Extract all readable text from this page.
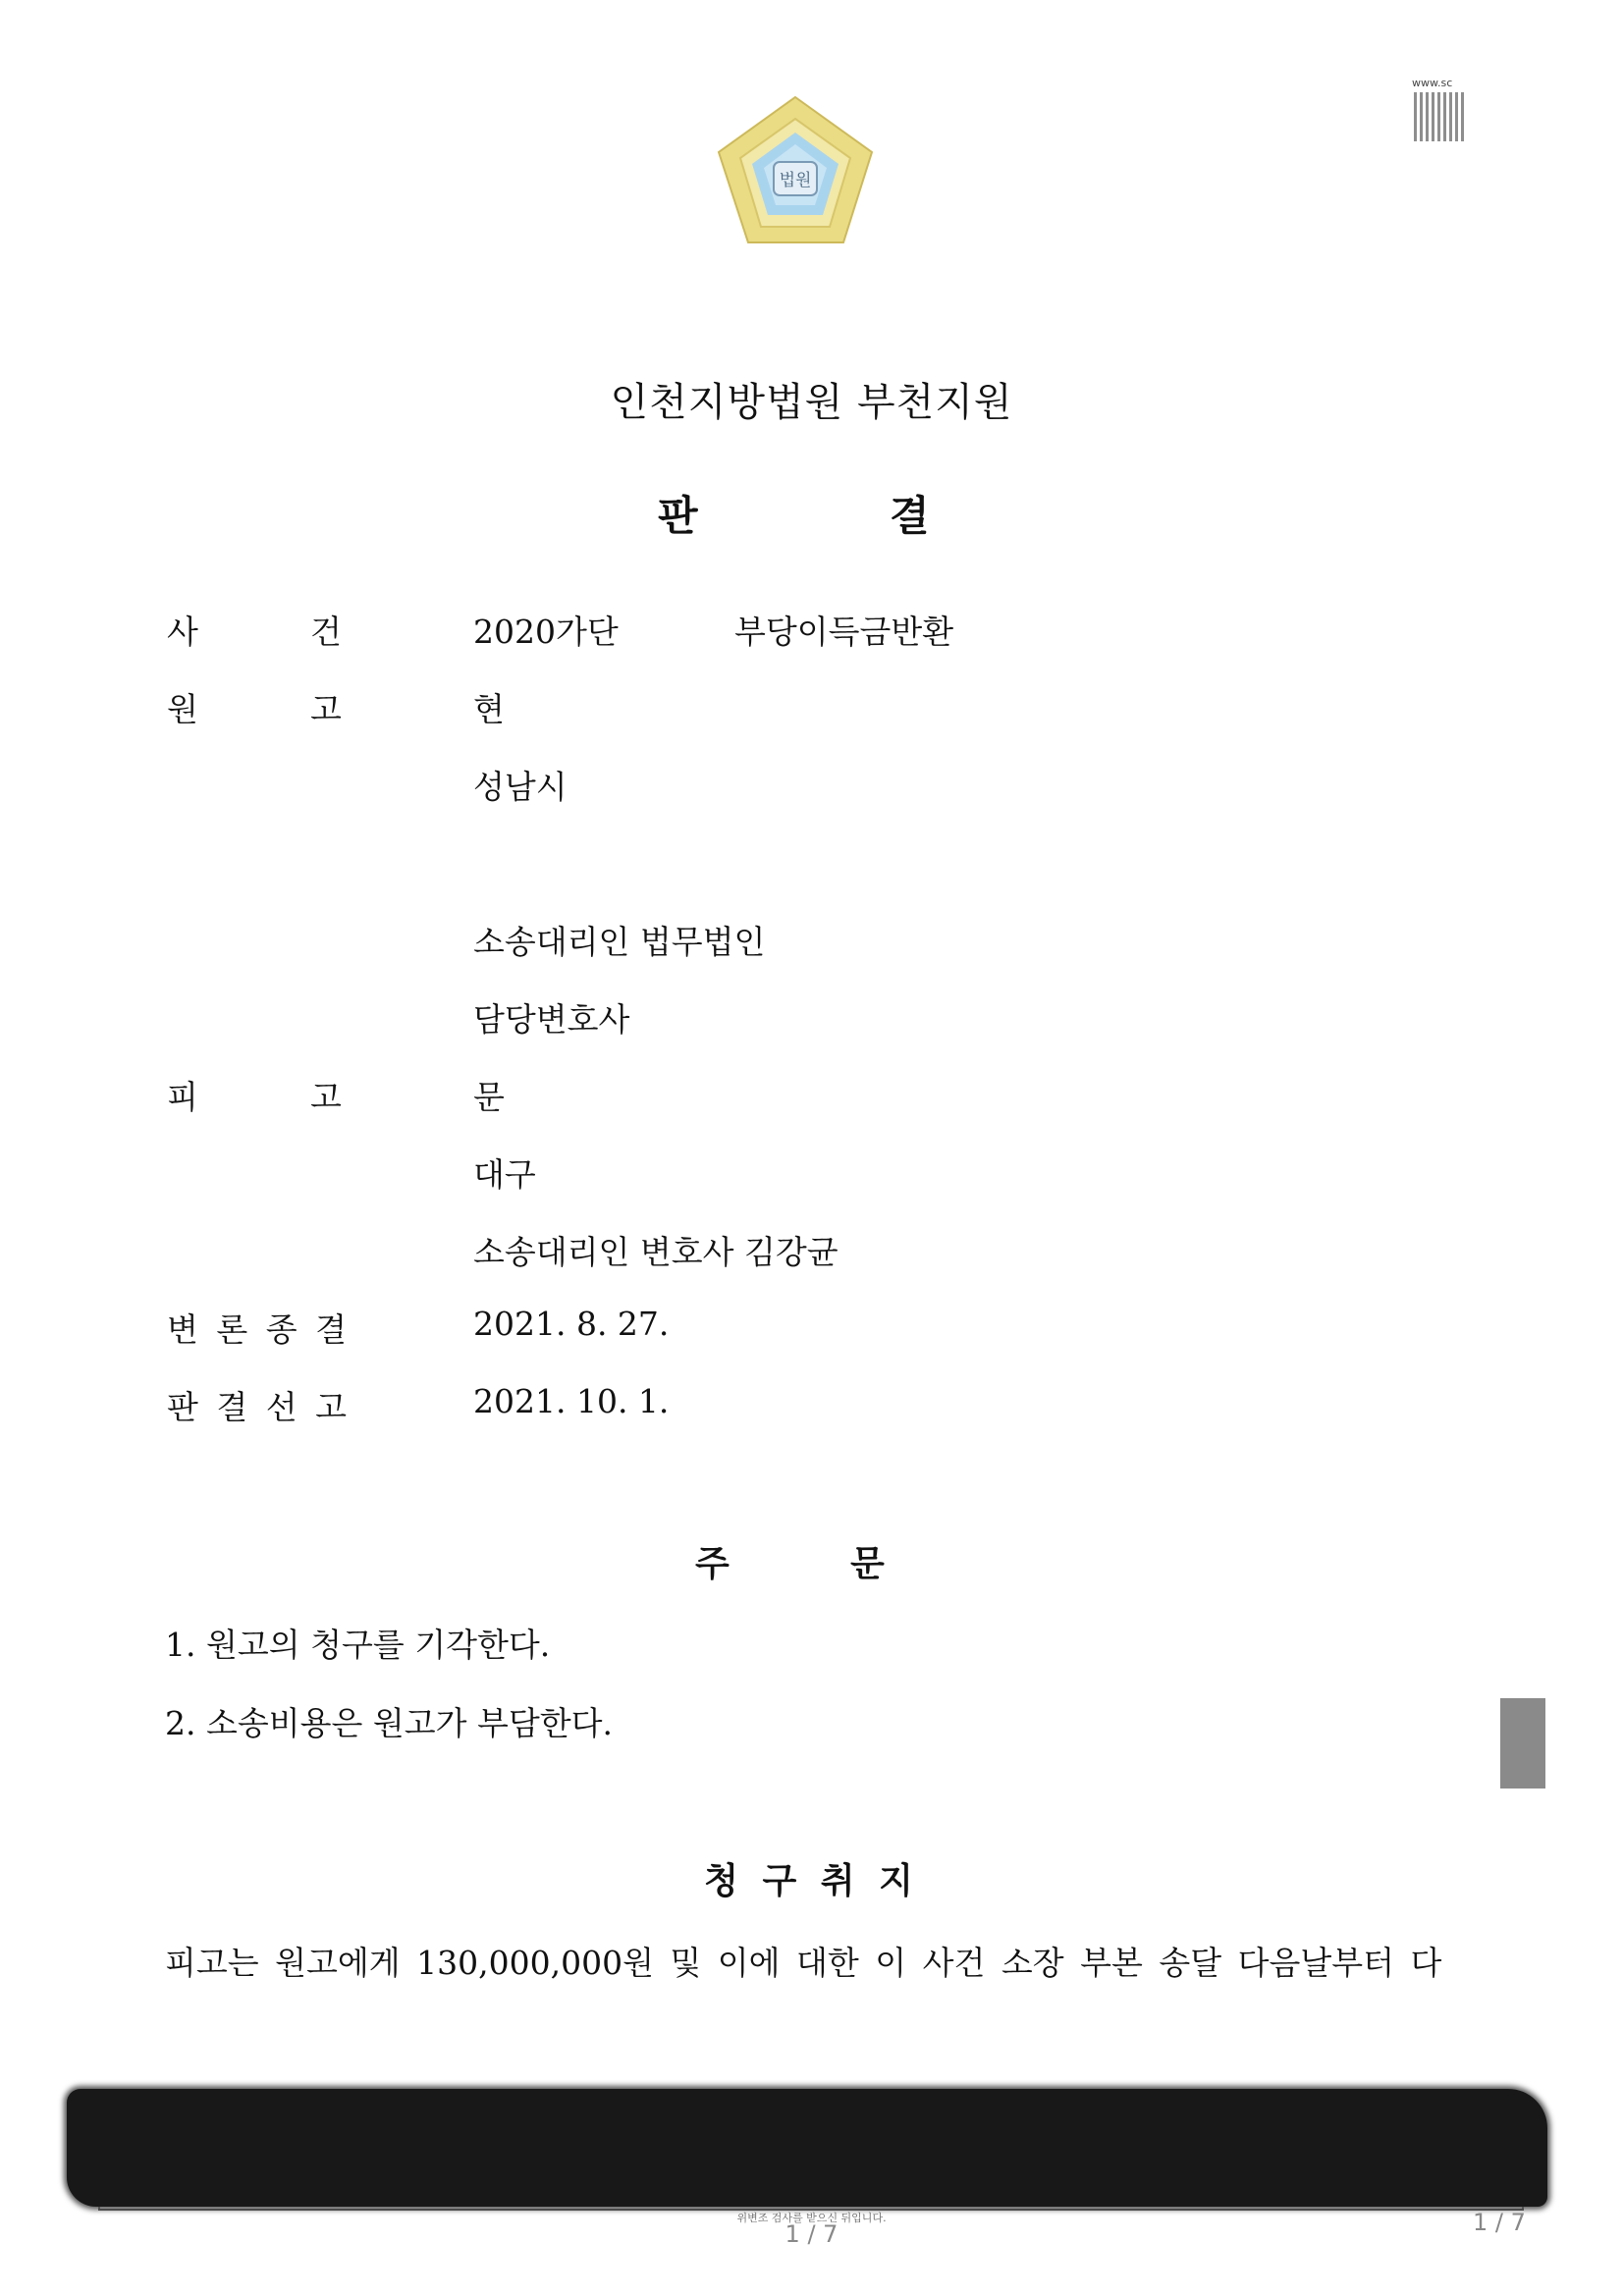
법원
www.sc
인천지방법원 부천지원
판	결
사	건	2020가단	부당이득금반환
원	고	현
성남시
소송대리인 법무법인
담당변호사
피	고	문
대구
소송대리인 변호사 김강균
변 론 종 결	2021. 8. 27.
판 결 선 고	2021. 10. 1.
주	문
1. 원고의 청구를 기각한다.
2. 소송비용은 원고가 부담한다.
청 구 취 지
피고는 원고에게 130,000,000원 및 이에 대한 이 사건 소장 부본 송달 다음날부터 다
위변조 검사를 받으신 뒤입니다.
1 / 7	1 / 7
